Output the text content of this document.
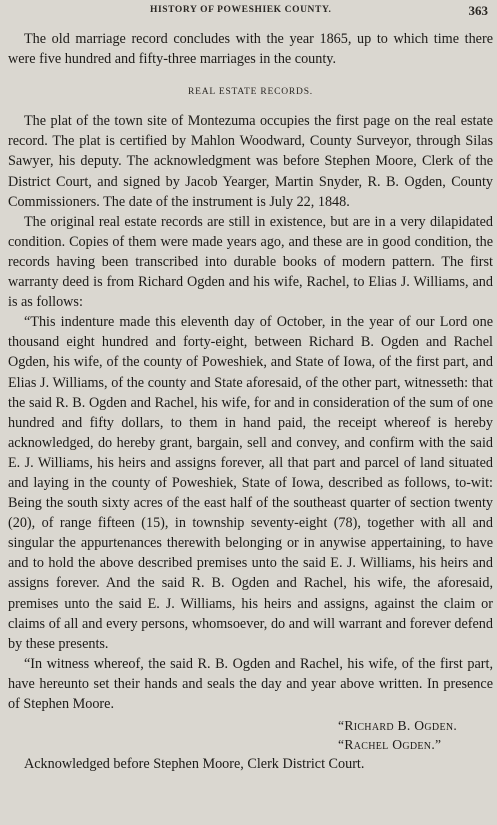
HISTORY OF POWESHIEK COUNTY.	363

The old marriage record concludes with the year 1865, up to which time there were five hundred and fifty-three marriages in the county.

REAL ESTATE RECORDS.

The plat of the town site of Montezuma occupies the first page on the real estate record. The plat is certified by Mahlon Woodward, County Surveyor, through Silas Sawyer, his deputy. The acknowledgment was before Stephen Moore, Clerk of the District Court, and signed by Jacob Yearger, Martin Snyder, R. B. Ogden, County Commissioners. The date of the instrument is July 22, 1848.

The original real estate records are still in existence, but are in a very dilapidated condition. Copies of them were made years ago, and these are in good condition, the records having been transcribed into durable books of modern pattern. The first warranty deed is from Richard Ogden and his wife, Rachel, to Elias J. Williams, and is as follows:

“This indenture made this eleventh day of October, in the year of our Lord one thousand eight hundred and forty-eight, between Richard B. Ogden and Rachel Ogden, his wife, of the county of Poweshiek, and State of Iowa, of the first part, and Elias J. Williams, of the county and State aforesaid, of the other part, witnesseth: that the said R. B. Ogden and Rachel, his wife, for and in consideration of the sum of one hundred and fifty dollars, to them in hand paid, the receipt whereof is hereby acknowledged, do hereby grant, bargain, sell and convey, and confirm with the said E. J. Williams, his heirs and assigns forever, all that part and parcel of land situated and laying in the county of Poweshiek, State of Iowa, described as follows, to-wit: Being the south sixty acres of the east half of the southeast quarter of section twenty (20), of range fifteen (15), in township seventy-eight (78), together with all and singular the appurtenances therewith belonging or in anywise appertaining, to have and to hold the above described premises unto the said E. J. Williams, his heirs and assigns forever. And the said R. B. Ogden and Rachel, his wife, the aforesaid, premises unto the said E. J. Williams, his heirs and assigns, against the claim or claims of all and every persons, whomsoever, do and will warrant and forever defend by these presents.

“In witness whereof, the said R. B. Ogden and Rachel, his wife, of the first part, have hereunto set their hands and seals the day and year above written. In presence of Stephen Moore.

“Richard B. Ogden.
“Rachel Ogden.”

Acknowledged before Stephen Moore, Clerk District Court.
